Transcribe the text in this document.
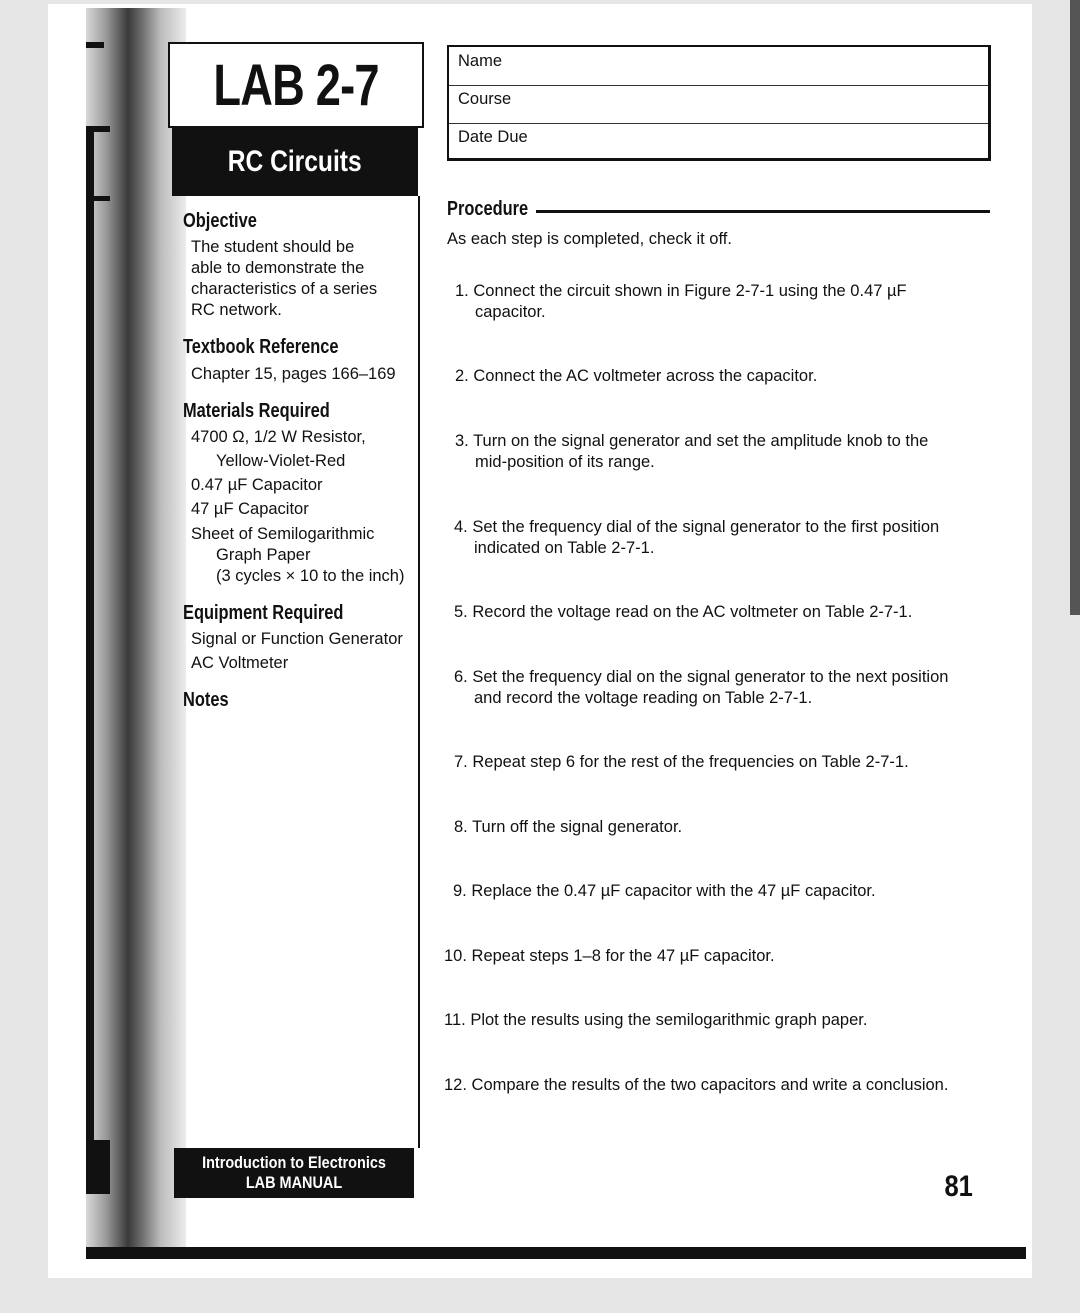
LAB 2-7
RC Circuits
Objective
The student should be
able to demonstrate the
characteristics of a series
RC network.
Textbook Reference
Chapter 15, pages 166–169
Materials Required
4700 Ω, 1/2 W Resistor,
Yellow-Violet-Red
0.47 µF Capacitor
47 µF Capacitor
Sheet of Semilogarithmic
Graph Paper
(3 cycles × 10 to the inch)
Equipment Required
Signal or Function Generator
AC Voltmeter
Notes
Introduction to Electronics
LAB MANUAL
Name
Course
Date Due
Procedure
As each step is completed, check it off.
1. Connect the circuit shown in Figure 2-7-1 using the 0.47 µF
capacitor.
2. Connect the AC voltmeter across the capacitor.
3. Turn on the signal generator and set the amplitude knob to the
mid-position of its range.
4. Set the frequency dial of the signal generator to the first position
indicated on Table 2-7-1.
5. Record the voltage read on the AC voltmeter on Table 2-7-1.
6. Set the frequency dial on the signal generator to the next position
and record the voltage reading on Table 2-7-1.
7. Repeat step 6 for the rest of the frequencies on Table 2-7-1.
8. Turn off the signal generator.
9. Replace the 0.47 µF capacitor with the 47 µF capacitor.
10. Repeat steps 1–8 for the 47 µF capacitor.
11. Plot the results using the semilogarithmic graph paper.
12. Compare the results of the two capacitors and write a conclusion.
81
